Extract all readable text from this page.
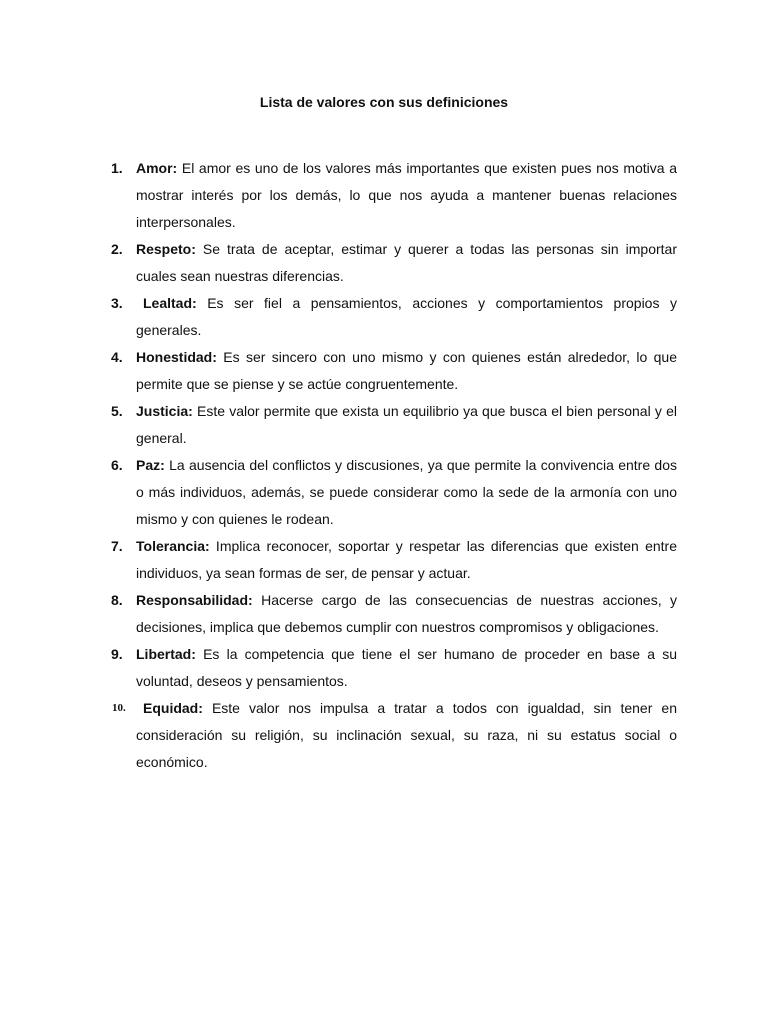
Lista de valores con sus definiciones
1. Amor: El amor es uno de los valores más importantes que existen pues nos motiva a mostrar interés por los demás, lo que nos ayuda a mantener buenas relaciones interpersonales.
2. Respeto: Se trata de aceptar, estimar y querer a todas las personas sin importar cuales sean nuestras diferencias.
3. Lealtad: Es ser fiel a pensamientos, acciones y comportamientos propios y generales.
4. Honestidad: Es ser sincero con uno mismo y con quienes están alrededor, lo que permite que se piense y se actúe congruentemente.
5. Justicia: Este valor permite que exista un equilibrio ya que busca el bien personal y el general.
6. Paz: La ausencia del conflictos y discusiones, ya que permite la convivencia entre dos o más individuos, además, se puede considerar como la sede de la armonía con uno mismo y con quienes le rodean.
7. Tolerancia: Implica reconocer, soportar y respetar las diferencias que existen entre individuos, ya sean formas de ser, de pensar y actuar.
8. Responsabilidad: Hacerse cargo de las consecuencias de nuestras acciones, y decisiones, implica que debemos cumplir con nuestros compromisos y obligaciones.
9. Libertad: Es la competencia que tiene el ser humano de proceder en base a su voluntad, deseos y pensamientos.
10. Equidad: Este valor nos impulsa a tratar a todos con igualdad, sin tener en consideración su religión, su inclinación sexual, su raza, ni su estatus social o económico.
